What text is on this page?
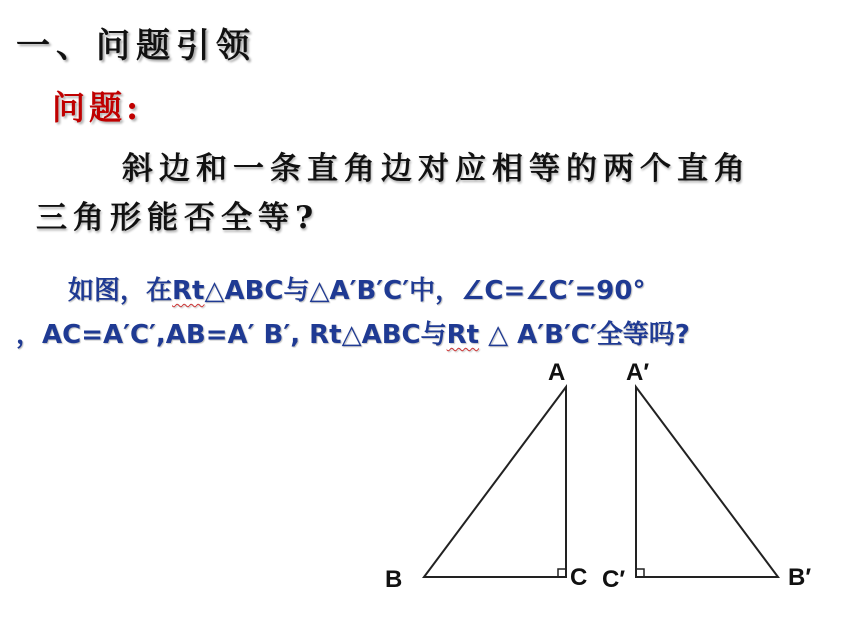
一、问题引领
问题:
斜边和一条直角边对应相等的两个直角
三角形能否全等?
如图，在Rt△ABC与△A′B′C′中，∠C=∠C′=90°
，AC=A′C′,AB=A′ B′, Rt△ABC与Rt △ A′B′C′全等吗?
A
B	C
A′
B′
C′
